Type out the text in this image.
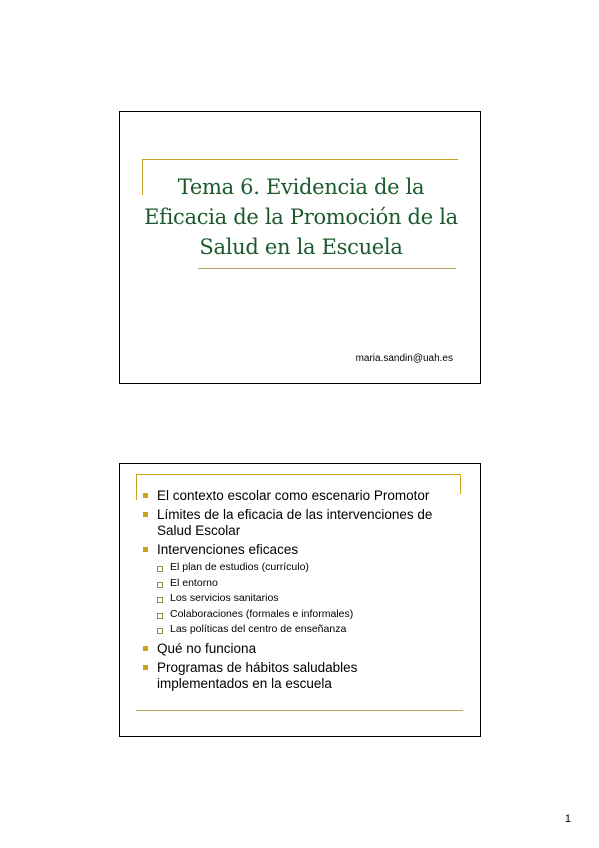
Tema 6. Evidencia de la
Eficacia de la Promoción de la
Salud en la Escuela
maria.sandin@uah.es
El contexto escolar como escenario Promotor
Límites de la eficacia de las intervenciones de Salud Escolar
Intervenciones eficaces
El plan de estudios (currículo)
El entorno
Los servicios sanitarios
Colaboraciones (formales e informales)
Las políticas del centro de enseñanza
Qué no funciona
Programas de hábitos saludables implementados en la escuela
1
